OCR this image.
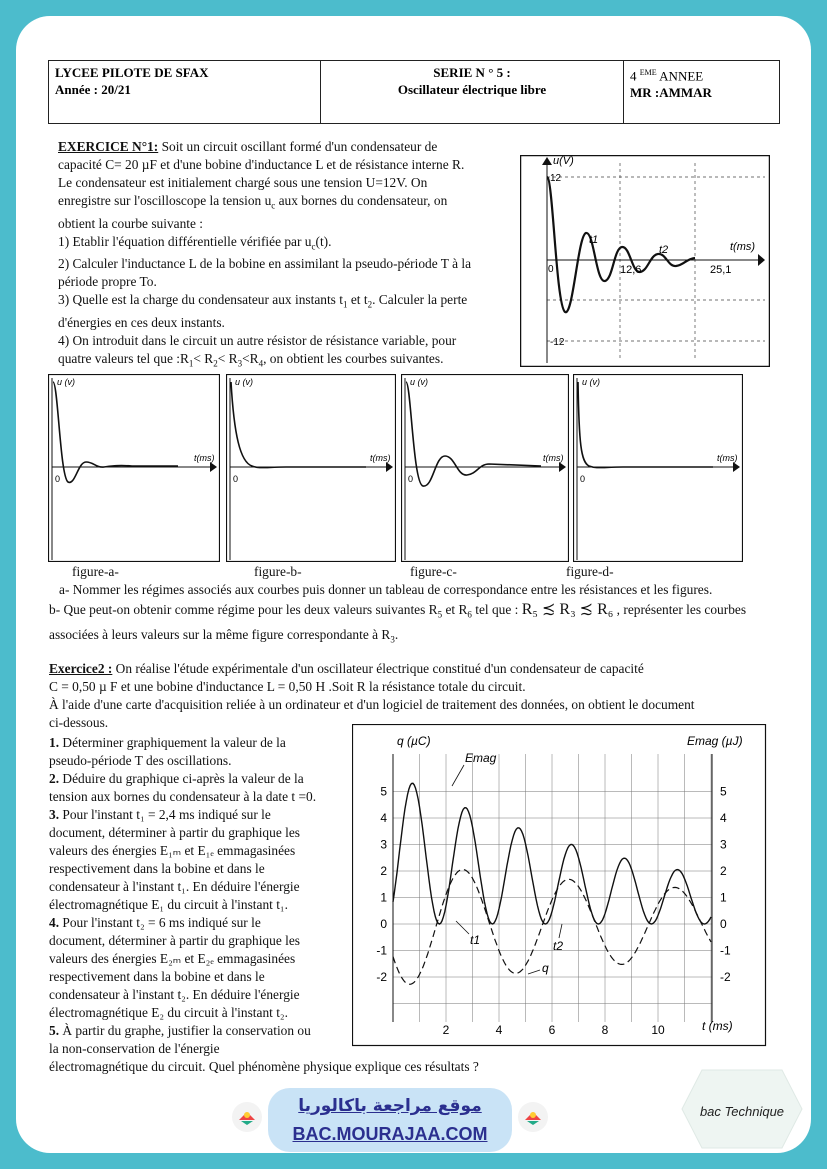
LYCEE PILOTE DE SFAX
Année : 20/21
SERIE N ° 5 :
Oscillateur électrique libre
4 $^{EME}$ ANNEE
MR :AMMAR
EXERCICE N°1: Soit un circuit oscillant formé d'un condensateur de
capacité C= 20 µF et d'une bobine d'inductance L et de résistance interne R.
Le condensateur est initialement chargé sous une tension U=12V. On
enregistre sur l'oscilloscope la tension $u_c$ aux bornes du condensateur, on
obtient la courbe suivante :
1) Etablir l'équation différentielle vérifiée par $u_c(t)$.
2) Calculer l'inductance L de la bobine en assimilant la pseudo-période T à la
période propre To.
3) Quelle est la charge du condensateur aux instants $t_1$ et $t_2$. Calculer la perte
d'énergies en ces deux instants.
4) On introduit dans le circuit un autre résistor de résistance variable, pour
quatre valeurs tel que $:R_1< R_2< R_3<R_4$, on obtient les courbes suivantes.
u(V)
12
-12
0
t(ms)
t1
t2
12,6	25,1
u (v)
0
t(ms)
u (v)
0
t(ms)
u (v)
0
t(ms)
u (v)
0
t(ms)
figure-a-	figure-b-	figure-c-	figure-d-
a- Nommer les régimes associés aux courbes puis donner un tableau de correspondance entre les résistances et les figures.
b- Que peut-on obtenir comme régime pour les deux valeurs suivantes $R_5$ et $R_6$ tel que : R₅ ≾ R₃ ≾ R₆ , représenter les courbes
associées à leurs valeurs sur la même figure correspondante à $R_3$.
Exercice2 : On réalise l'étude expérimentale d'un oscillateur électrique constitué d'un condensateur de capacité
C = 0,50 µ F et une bobine d'inductance L = 0,50 H .Soit R la résistance totale du circuit.
À l'aide d'une carte d'acquisition reliée à un ordinateur et d'un logiciel de traitement des données, on obtient le document
ci-dessous.
1. Déterminer graphiquement la valeur de la
pseudo-période T des oscillations.
2. Déduire du graphique ci-après la valeur de la
tension aux bornes du condensateur à la date t =0.
3. Pour l'instant t₁ = 2,4 ms indiqué sur le
document, déterminer à partir du graphique les
valeurs des énergies E₁ₘ et E₁ₑ emmagasinées
respectivement dans la bobine et dans le
condensateur à l'instant t₁. En déduire l'énergie
électromagnétique E₁ du circuit à l'instant t₁.
4. Pour l'instant t₂ = 6 ms indiqué sur le
document, déterminer à partir du graphique les
valeurs des énergies E₂ₘ et E₂ₑ emmagasinées
respectivement dans la bobine et dans le
condensateur à l'instant t₂. En déduire l'énergie
électromagnétique E₂ du circuit à l'instant t₂.
5. À partir du graphe, justifier la conservation ou
la non-conservation de l'énergie
électromagnétique du circuit. Quel phénomène physique explique ces résultats ?
5	5
4	4
3	3
2	2
1	1
0	0
-1	-1
-2	-2
2	4	6	8	10
q (µC)	Emag (µJ)
Emag
q
t1	t2
t (ms)
موقع مراجعة باكالوريا
BAC.MOURAJAA.COM
bac Technique
